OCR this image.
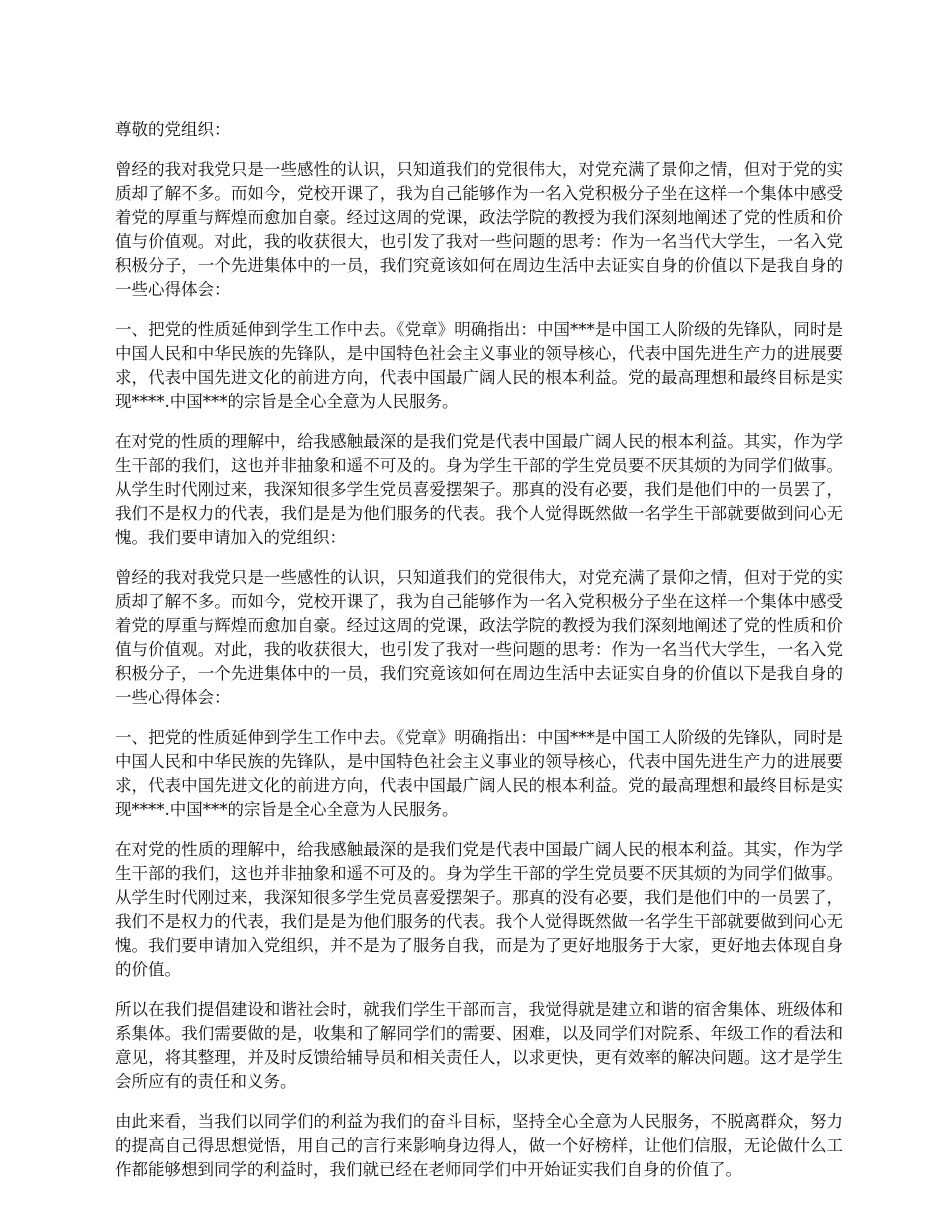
尊敬的党组织：

曾经的我对我党只是一些感性的认识，只知道我们的党很伟大，对党充满了景仰之情，但对于党的实质却了解不多。而如今，党校开课了，我为自己能够作为一名入党积极分子坐在这样一个集体中感受着党的厚重与辉煌而愈加自豪。经过这周的党课，政法学院的教授为我们深刻地阐述了党的性质和价值与价值观。对此，我的收获很大，也引发了我对一些问题的思考：作为一名当代大学生，一名入党积极分子，一个先进集体中的一员，我们究竟该如何在周边生活中去证实自身的价值以下是我自身的一些心得体会：

一、把党的性质延伸到学生工作中去。《党章》明确指出：中国***是中国工人阶级的先锋队，同时是中国人民和中华民族的先锋队，是中国特色社会主义事业的领导核心，代表中国先进生产力的进展要求，代表中国先进文化的前进方向，代表中国最广阔人民的根本利益。党的最高理想和最终目标是实现****.中国***的宗旨是全心全意为人民服务。

在对党的性质的理解中，给我感触最深的是我们党是代表中国最广阔人民的根本利益。其实，作为学生干部的我们，这也并非抽象和遥不可及的。身为学生干部的学生党员要不厌其烦的为同学们做事。从学生时代刚过来，我深知很多学生党员喜爱摆架子。那真的没有必要，我们是他们中的一员罢了，我们不是权力的代表，我们是是为他们服务的代表。我个人觉得既然做一名学生干部就要做到问心无愧。我们要申请加入的党组织：

曾经的我对我党只是一些感性的认识，只知道我们的党很伟大，对党充满了景仰之情，但对于党的实质却了解不多。而如今，党校开课了，我为自己能够作为一名入党积极分子坐在这样一个集体中感受着党的厚重与辉煌而愈加自豪。经过这周的党课，政法学院的教授为我们深刻地阐述了党的性质和价值与价值观。对此，我的收获很大，也引发了我对一些问题的思考：作为一名当代大学生，一名入党积极分子，一个先进集体中的一员，我们究竟该如何在周边生活中去证实自身的价值以下是我自身的一些心得体会：

一、把党的性质延伸到学生工作中去。《党章》明确指出：中国***是中国工人阶级的先锋队，同时是中国人民和中华民族的先锋队，是中国特色社会主义事业的领导核心，代表中国先进生产力的进展要求，代表中国先进文化的前进方向，代表中国最广阔人民的根本利益。党的最高理想和最终目标是实现****.中国***的宗旨是全心全意为人民服务。

在对党的性质的理解中，给我感触最深的是我们党是代表中国最广阔人民的根本利益。其实，作为学生干部的我们，这也并非抽象和遥不可及的。身为学生干部的学生党员要不厌其烦的为同学们做事。从学生时代刚过来，我深知很多学生党员喜爱摆架子。那真的没有必要，我们是他们中的一员罢了，我们不是权力的代表，我们是是为他们服务的代表。我个人觉得既然做一名学生干部就要做到问心无愧。我们要申请加入党组织，并不是为了服务自我，而是为了更好地服务于大家，更好地去体现自身的价值。

所以在我们提倡建设和谐社会时，就我们学生干部而言，我觉得就是建立和谐的宿舍集体、班级体和系集体。我们需要做的是，收集和了解同学们的需要、困难，以及同学们对院系、年级工作的看法和意见，将其整理，并及时反馈给辅导员和相关责任人，以求更快，更有效率的解决问题。这才是学生会所应有的责任和义务。

由此来看，当我们以同学们的利益为我们的奋斗目标，坚持全心全意为人民服务，不脱离群众，努力的提高自己得思想觉悟，用自己的言行来影响身边得人，做一个好榜样，让他们信服，无论做什么工作都能够想到同学的利益时，我们就已经在老师同学们中开始证实我们自身的价值了。
